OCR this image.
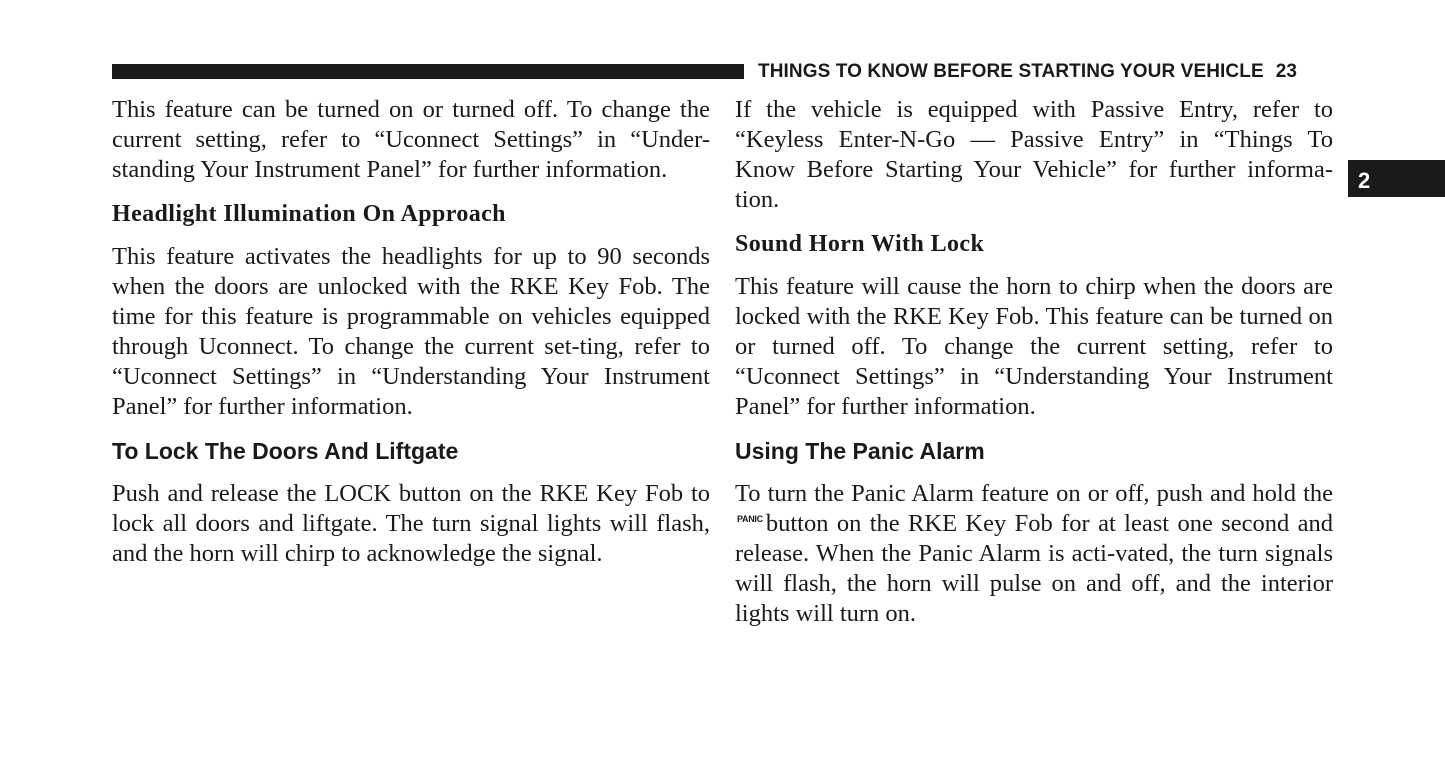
THINGS TO KNOW BEFORE STARTING YOUR VEHICLE 23
2

This feature can be turned on or turned off. To change the current setting, refer to “Uconnect Settings” in “Under-standing Your Instrument Panel” for further information.

Headlight Illumination On Approach

This feature activates the headlights for up to 90 seconds when the doors are unlocked with the RKE Key Fob. The time for this feature is programmable on vehicles equipped through Uconnect. To change the current set-ting, refer to “Uconnect Settings” in “Understanding Your Instrument Panel” for further information.

To Lock The Doors And Liftgate

Push and release the LOCK button on the RKE Key Fob to lock all doors and liftgate. The turn signal lights will flash, and the horn will chirp to acknowledge the signal.

If the vehicle is equipped with Passive Entry, refer to “Keyless Enter-N-Go — Passive Entry” in “Things To Know Before Starting Your Vehicle” for further informa-tion.

Sound Horn With Lock

This feature will cause the horn to chirp when the doors are locked with the RKE Key Fob. This feature can be turned on or turned off. To change the current setting, refer to “Uconnect Settings” in “Understanding Your Instrument Panel” for further information.

Using The Panic Alarm

To turn the Panic Alarm feature on or off, push and hold the PANIC button on the RKE Key Fob for at least one second and release. When the Panic Alarm is acti-vated, the turn signals will flash, the horn will pulse on and off, and the interior lights will turn on.
